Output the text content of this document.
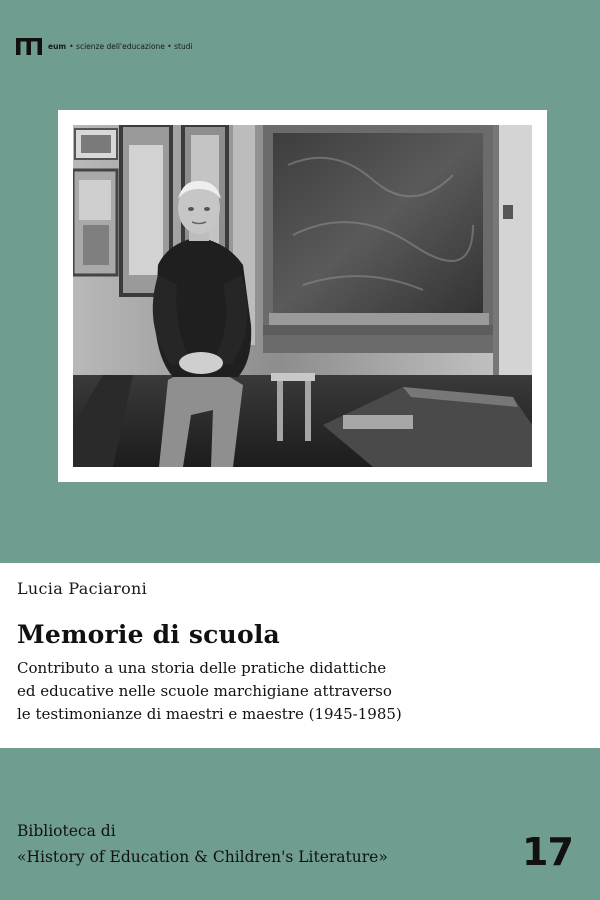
eum • scienze dell'educazione • studi
Lucia Paciaroni
Memorie di scuola
Contributo a una storia delle pratiche didattiche
ed educative nelle scuole marchigiane attraverso
le testimonianze di maestri e maestre (1945-1985)
Biblioteca di
«History of Education & Children's Literature»	17
